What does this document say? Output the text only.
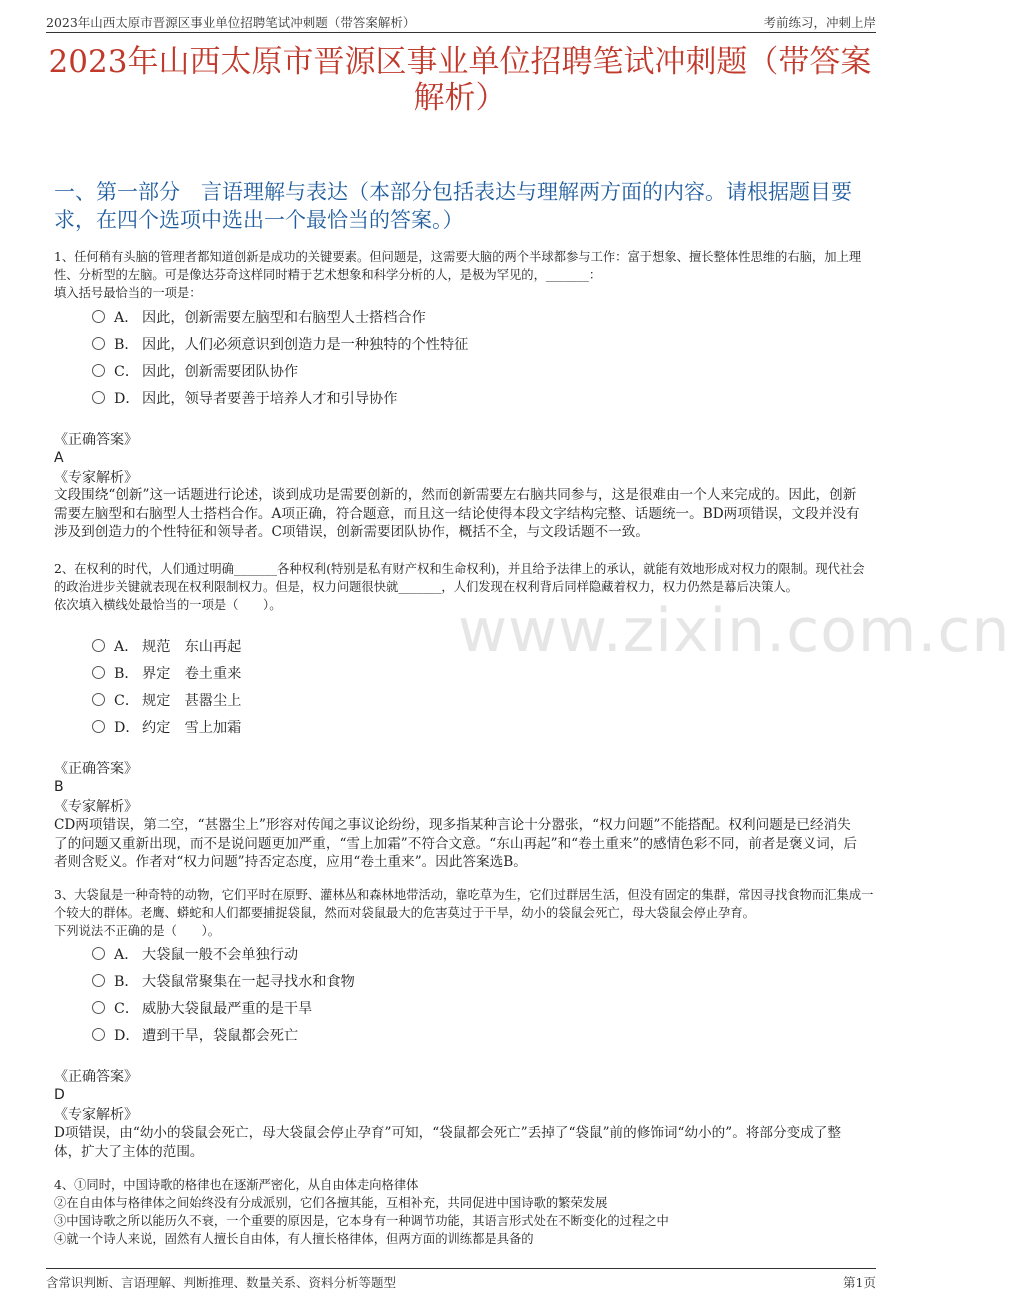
2023年山西太原市晋源区事业单位招聘笔试冲刺题（带答案解析）	考前练习，冲刺上岸
www.zixin.com.cn
2023年山西太原市晋源区事业单位招聘笔试冲刺题（带答案解析）
一、第一部分　言语理解与表达（本部分包括表达与理解两方面的内容。请根据题目要求，在四个选项中选出一个最恰当的答案。）

1、任何稍有头脑的管理者都知道创新是成功的关键要素。但问题是，这需要大脑的两个半球都参与工作：富于想象、擅长整体性思维的右脑，加上理性、分析型的左脑。可是像达芬奇这样同时精于艺术想象和科学分析的人，是极为罕见的，_______：

填入括号最恰当的一项是：

A． 因此，创新需要左脑型和右脑型人士搭档合作
B． 因此，人们必须意识到创造力是一种独特的个性特征
C． 因此，创新需要团队协作
D． 因此，领导者要善于培养人才和引导协作
《正确答案》
A
《专家解析》
文段围绕“创新”这一话题进行论述，谈到成功是需要创新的，然而创新需要左右脑共同参与，这是很难由一个人来完成的。因此，创新需要左脑型和右脑型人士搭档合作。A项正确，符合题意，而且这一结论使得本段文字结构完整、话题统一。BD两项错误，文段并没有涉及到创造力的个性特征和领导者。C项错误，创新需要团队协作，概括不全，与文段话题不一致。

2、在权利的时代，人们通过明确_______各种权利(特别是私有财产权和生命权利)，并且给予法律上的承认，就能有效地形成对权力的限制。现代社会的政治进步关键就表现在权利限制权力。但是，权力问题很快就_______，人们发现在权利背后同样隐藏着权力，权力仍然是幕后决策人。

依次填入横线处最恰当的一项是（　　）。

A． 规范　东山再起
B． 界定　卷土重来
C． 规定　甚嚣尘上
D． 约定　雪上加霜
《正确答案》
B
《专家解析》
CD两项错误，第二空，“甚嚣尘上”形容对传闻之事议论纷纷，现多指某种言论十分嚣张，“权力问题”不能搭配。权利问题是已经消失了的问题又重新出现，而不是说问题更加严重，“雪上加霜”不符合文意。“东山再起”和“卷土重来”的感情色彩不同，前者是褒义词，后者则含贬义。作者对“权力问题”持否定态度，应用“卷土重来”。因此答案选B。

3、大袋鼠是一种奇特的动物，它们平时在原野、灌林丛和森林地带活动，靠吃草为生，它们过群居生活，但没有固定的集群，常因寻找食物而汇集成一个较大的群体。老鹰、蟒蛇和人们都要捕捉袋鼠，然而对袋鼠最大的危害莫过于干旱，幼小的袋鼠会死亡，母大袋鼠会停止孕育。

下列说法不正确的是（　　）。

A． 大袋鼠一般不会单独行动
B． 大袋鼠常聚集在一起寻找水和食物
C． 威胁大袋鼠最严重的是干旱
D． 遭到干旱，袋鼠都会死亡
《正确答案》
D
《专家解析》
D项错误，由“幼小的袋鼠会死亡，母大袋鼠会停止孕育”可知，“袋鼠都会死亡”丢掉了“袋鼠”前的修饰词“幼小的”。将部分变成了整体，扩大了主体的范围。

4、①同时，中国诗歌的格律也在逐渐严密化，从自由体走向格律体

②在自由体与格律体之间始终没有分成派别，它们各擅其能，互相补充，共同促进中国诗歌的繁荣发展

③中国诗歌之所以能历久不衰，一个重要的原因是，它本身有一种调节功能，其语言形式处在不断变化的过程之中

④就一个诗人来说，固然有人擅长自由体，有人擅长格律体，但两方面的训练都是具备的

含常识判断、言语理解、判断推理、数量关系、资料分析等题型	第1页
